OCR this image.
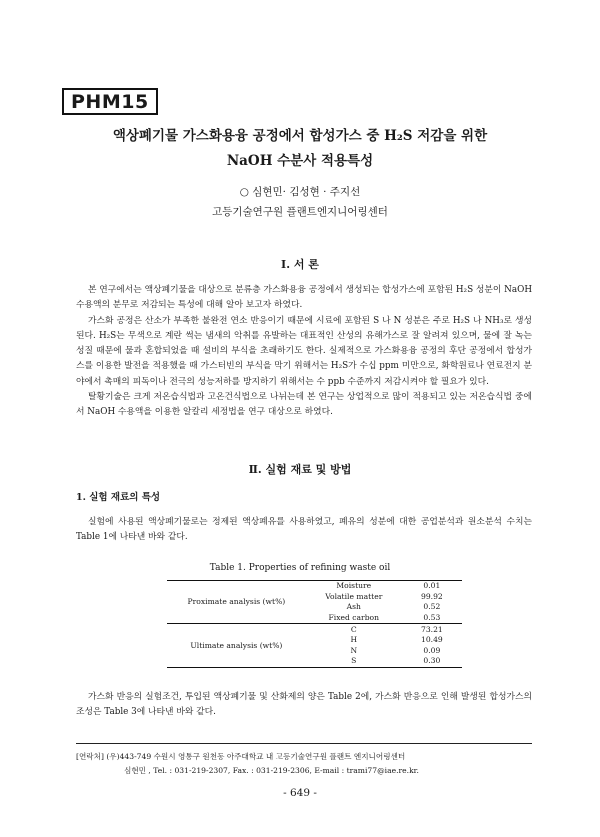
PHM15
액상폐기물 가스화용융 공정에서 합성가스 중 H₂S 저감을 위한
NaOH 수분사 적용특성
○ 심현민· 김성현 · 주지선
고등기술연구원 플랜트엔지니어링센터
Ⅰ. 서 론

본 연구에서는 액상폐기물을 대상으로 분류층 가스화용융 공정에서 생성되는 합성가스에 포함된 H₂S 성분이 NaOH 수용액의 분무로 저감되는 특성에 대해 알아 보고자 하였다.

가스화 공정은 산소가 부족한 불완전 연소 반응이기 때문에 시료에 포함된 S 나 N 성분은 주로 H₂S 나 NH₃로 생성된다. H₂S는 무색으로 계란 썩는 냄새의 악취를 유발하는 대표적인 산성의 유해가스로 잘 알려져 있으며, 물에 잘 녹는 성질 때문에 물과 혼합되었을 때 설비의 부식을 초래하기도 한다. 실제적으로 가스화용융 공정의 후단 공정에서 합성가스를 이용한 발전을 적용했을 때 가스터빈의 부식을 막기 위해서는 H₂S가 수십 ppm 미만으로, 화학원료나 연료전지 분야에서 촉매의 피독이나 전극의 성능저하를 방지하기 위해서는 수 ppb 수준까지 저감시켜야 할 필요가 있다.

탈황기술은 크게 저온습식법과 고온건식법으로 나뉘는데 본 연구는 상업적으로 많이 적용되고 있는 저온습식법 중에서 NaOH 수용액을 이용한 알칼리 세정법을 연구 대상으로 하였다.

Ⅱ. 실험 재료 및 방법
1. 실험 재료의 특성

실험에 사용된 액상폐기물로는 정제된 액상폐유를 사용하였고, 폐유의 성분에 대한 공업분석과 원소분석 수치는 Table 1에 나타낸 바와 같다.

Table 1. Properties of refining waste oil
Proximate analysis (wt%)	Moisture	0.01
	Volatile matter	99.92
	Ash	0.52
	Fixed carbon	0.53
Ultimate analysis (wt%)	C	73.21
	H	10.49
	N	0.09
	S	0.30

가스화 반응의 실험조건, 투입된 액상폐기물 및 산화제의 양은 Table 2에, 가스화 반응으로 인해 발생된 합성가스의 조성은 Table 3에 나타낸 바와 같다.

[연락처] (우)443-749 수원시 영통구 원천동 아주대학교 내 고등기술연구원 플랜트 엔지니어링센터
심현민 , Tel. : 031-219-2307, Fax. : 031-219-2306, E-mail : trami77@iae.re.kr.
- 649 -
